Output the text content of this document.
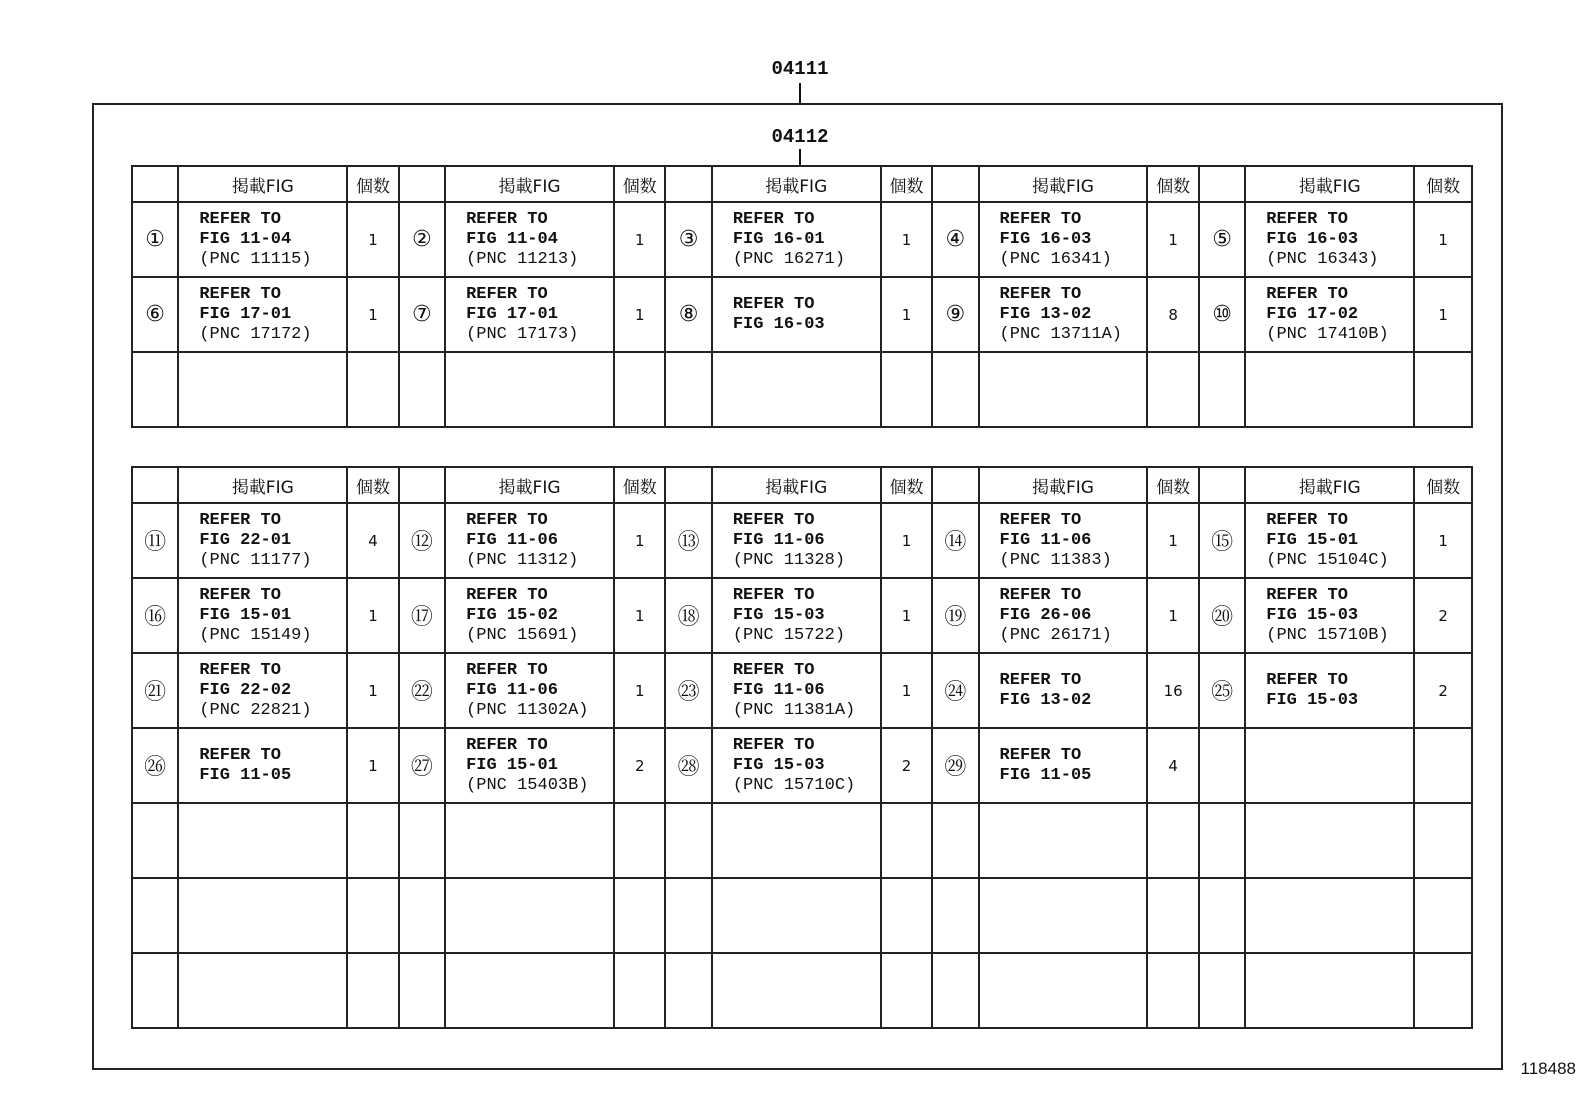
04111
04112
	掲載FIG	個数		掲載FIG	個数		掲載FIG	個数		掲載FIG	個数		掲載FIG	個数
①	REFER TO
FIG 11-04
(PNC 11115)	1	②	REFER TO
FIG 11-04
(PNC 11213)	1	③	REFER TO
FIG 16-01
(PNC 16271)	1	④	REFER TO
FIG 16-03
(PNC 16341)	1	⑤	REFER TO
FIG 16-03
(PNC 16343)	1
⑥	REFER TO
FIG 17-01
(PNC 17172)	1	⑦	REFER TO
FIG 17-01
(PNC 17173)	1	⑧	REFER TO
FIG 16-03	1	⑨	REFER TO
FIG 13-02
(PNC 13711A)	8	⑩	REFER TO
FIG 17-02
(PNC 17410B)	1

	掲載FIG	個数		掲載FIG	個数		掲載FIG	個数		掲載FIG	個数		掲載FIG	個数
⑪	REFER TO
FIG 22-01
(PNC 11177)	4	⑫	REFER TO
FIG 11-06
(PNC 11312)	1	⑬	REFER TO
FIG 11-06
(PNC 11328)	1	⑭	REFER TO
FIG 11-06
(PNC 11383)	1	⑮	REFER TO
FIG 15-01
(PNC 15104C)	1
⑯	REFER TO
FIG 15-01
(PNC 15149)	1	⑰	REFER TO
FIG 15-02
(PNC 15691)	1	⑱	REFER TO
FIG 15-03
(PNC 15722)	1	⑲	REFER TO
FIG 26-06
(PNC 26171)	1	⑳	REFER TO
FIG 15-03
(PNC 15710B)	2
㉑	REFER TO
FIG 22-02
(PNC 22821)	1	㉒	REFER TO
FIG 11-06
(PNC 11302A)	1	㉓	REFER TO
FIG 11-06
(PNC 11381A)	1	㉔	REFER TO
FIG 13-02	16	㉕	REFER TO
FIG 15-03	2
㉖	REFER TO
FIG 11-05	1	㉗	REFER TO
FIG 15-01
(PNC 15403B)	2	㉘	REFER TO
FIG 15-03
(PNC 15710C)	2	㉙	REFER TO
FIG 11-05	4		

118488
